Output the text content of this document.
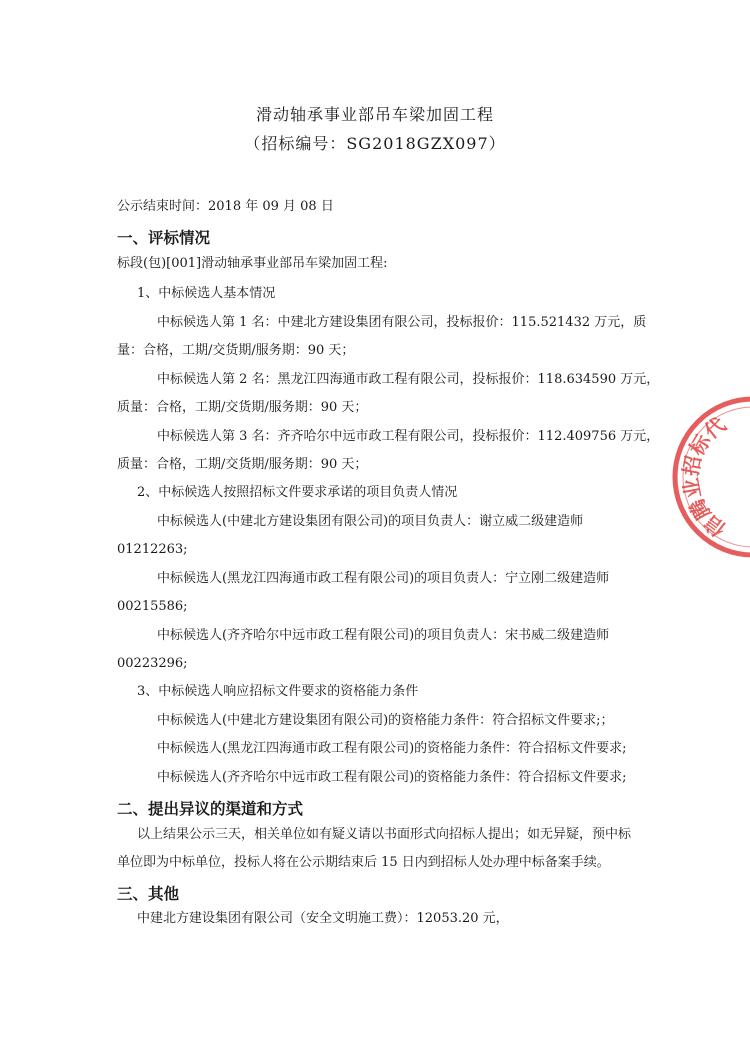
滑动轴承事业部吊车梁加固工程
（招标编号：SG2018GZX097）
公示结束时间：2018 年 09 月 08 日
一、评标情况
标段(包)[001]滑动轴承事业部吊车梁加固工程:
1、中标候选人基本情况
中标候选人第 1 名：中建北方建设集团有限公司，投标报价：115.521432 万元，质
量：合格，工期/交货期/服务期：90 天；
中标候选人第 2 名：黑龙江四海通市政工程有限公司，投标报价：118.634590 万元，
质量：合格，工期/交货期/服务期：90 天；
中标候选人第 3 名：齐齐哈尔中远市政工程有限公司，投标报价：112.409756 万元，
质量：合格，工期/交货期/服务期：90 天；
2、中标候选人按照招标文件要求承诺的项目负责人情况
中标候选人(中建北方建设集团有限公司)的项目负责人：谢立威二级建造师
01212263;
中标候选人(黑龙江四海通市政工程有限公司)的项目负责人：宁立刚二级建造师
00215586;
中标候选人(齐齐哈尔中远市政工程有限公司)的项目负责人：宋书威二级建造师
00223296;
3、中标候选人响应招标文件要求的资格能力条件
中标候选人(中建北方建设集团有限公司)的资格能力条件：符合招标文件要求;；
中标候选人(黑龙江四海通市政工程有限公司)的资格能力条件：符合招标文件要求;
中标候选人(齐齐哈尔中远市政工程有限公司)的资格能力条件：符合招标文件要求;
二、提出异议的渠道和方式
以上结果公示三天，相关单位如有疑义请以书面形式向招标人提出；如无异疑，预中标
单位即为中标单位，投标人将在公示期结束后 15 日内到招标人处办理中标备案手续。
三、其他
中建北方建设集团有限公司（安全文明施工费）：12053.20 元，
信腾业招标代
